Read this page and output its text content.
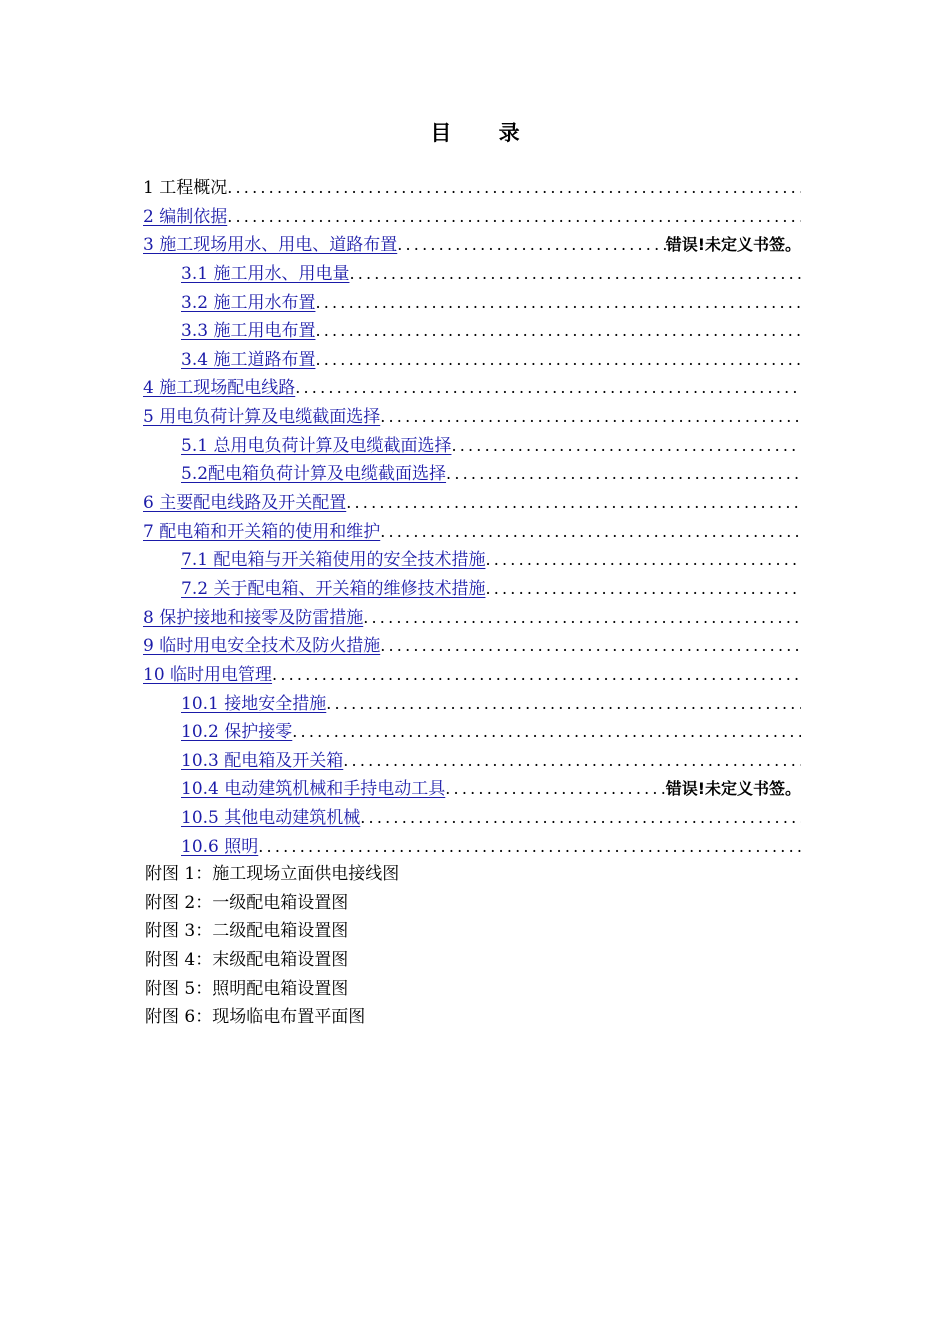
目 录
1 工程概况
.....
2 编制依据
.....
3 施工现场用水、用电、道路布置 .....	错误!未定义书签。
3.1 施工用水、用电量
.....
3.2 施工用水布置
.....
3.3 施工用电布置
.....
3.4 施工道路布置
.....
4 施工现场配电线路
.....
5 用电负荷计算及电缆截面选择
.....
5.1 总用电负荷计算及电缆截面选择
.....
5.2配电箱负荷计算及电缆截面选择
.....
6 主要配电线路及开关配置
.....
7 配电箱和开关箱的使用和维护
.....
7.1 配电箱与开关箱使用的安全技术措施
.....
7.2 关于配电箱、开关箱的维修技术措施
.....
8 保护接地和接零及防雷措施
.....
9 临时用电安全技术及防火措施
.....
10 临时用电管理
.....
10.1 接地安全措施
.....
10.2 保护接零
.....
10.3 配电箱及开关箱
.....
10.4 电动建筑机械和手持电动工具 .....	错误!未定义书签。
10.5 其他电动建筑机械
.....
10.6 照明
.....
附图 1：施工现场立面供电接线图
附图 2：一级配电箱设置图
附图 3：二级配电箱设置图
附图 4：末级配电箱设置图
附图 5：照明配电箱设置图
附图 6：现场临电布置平面图
